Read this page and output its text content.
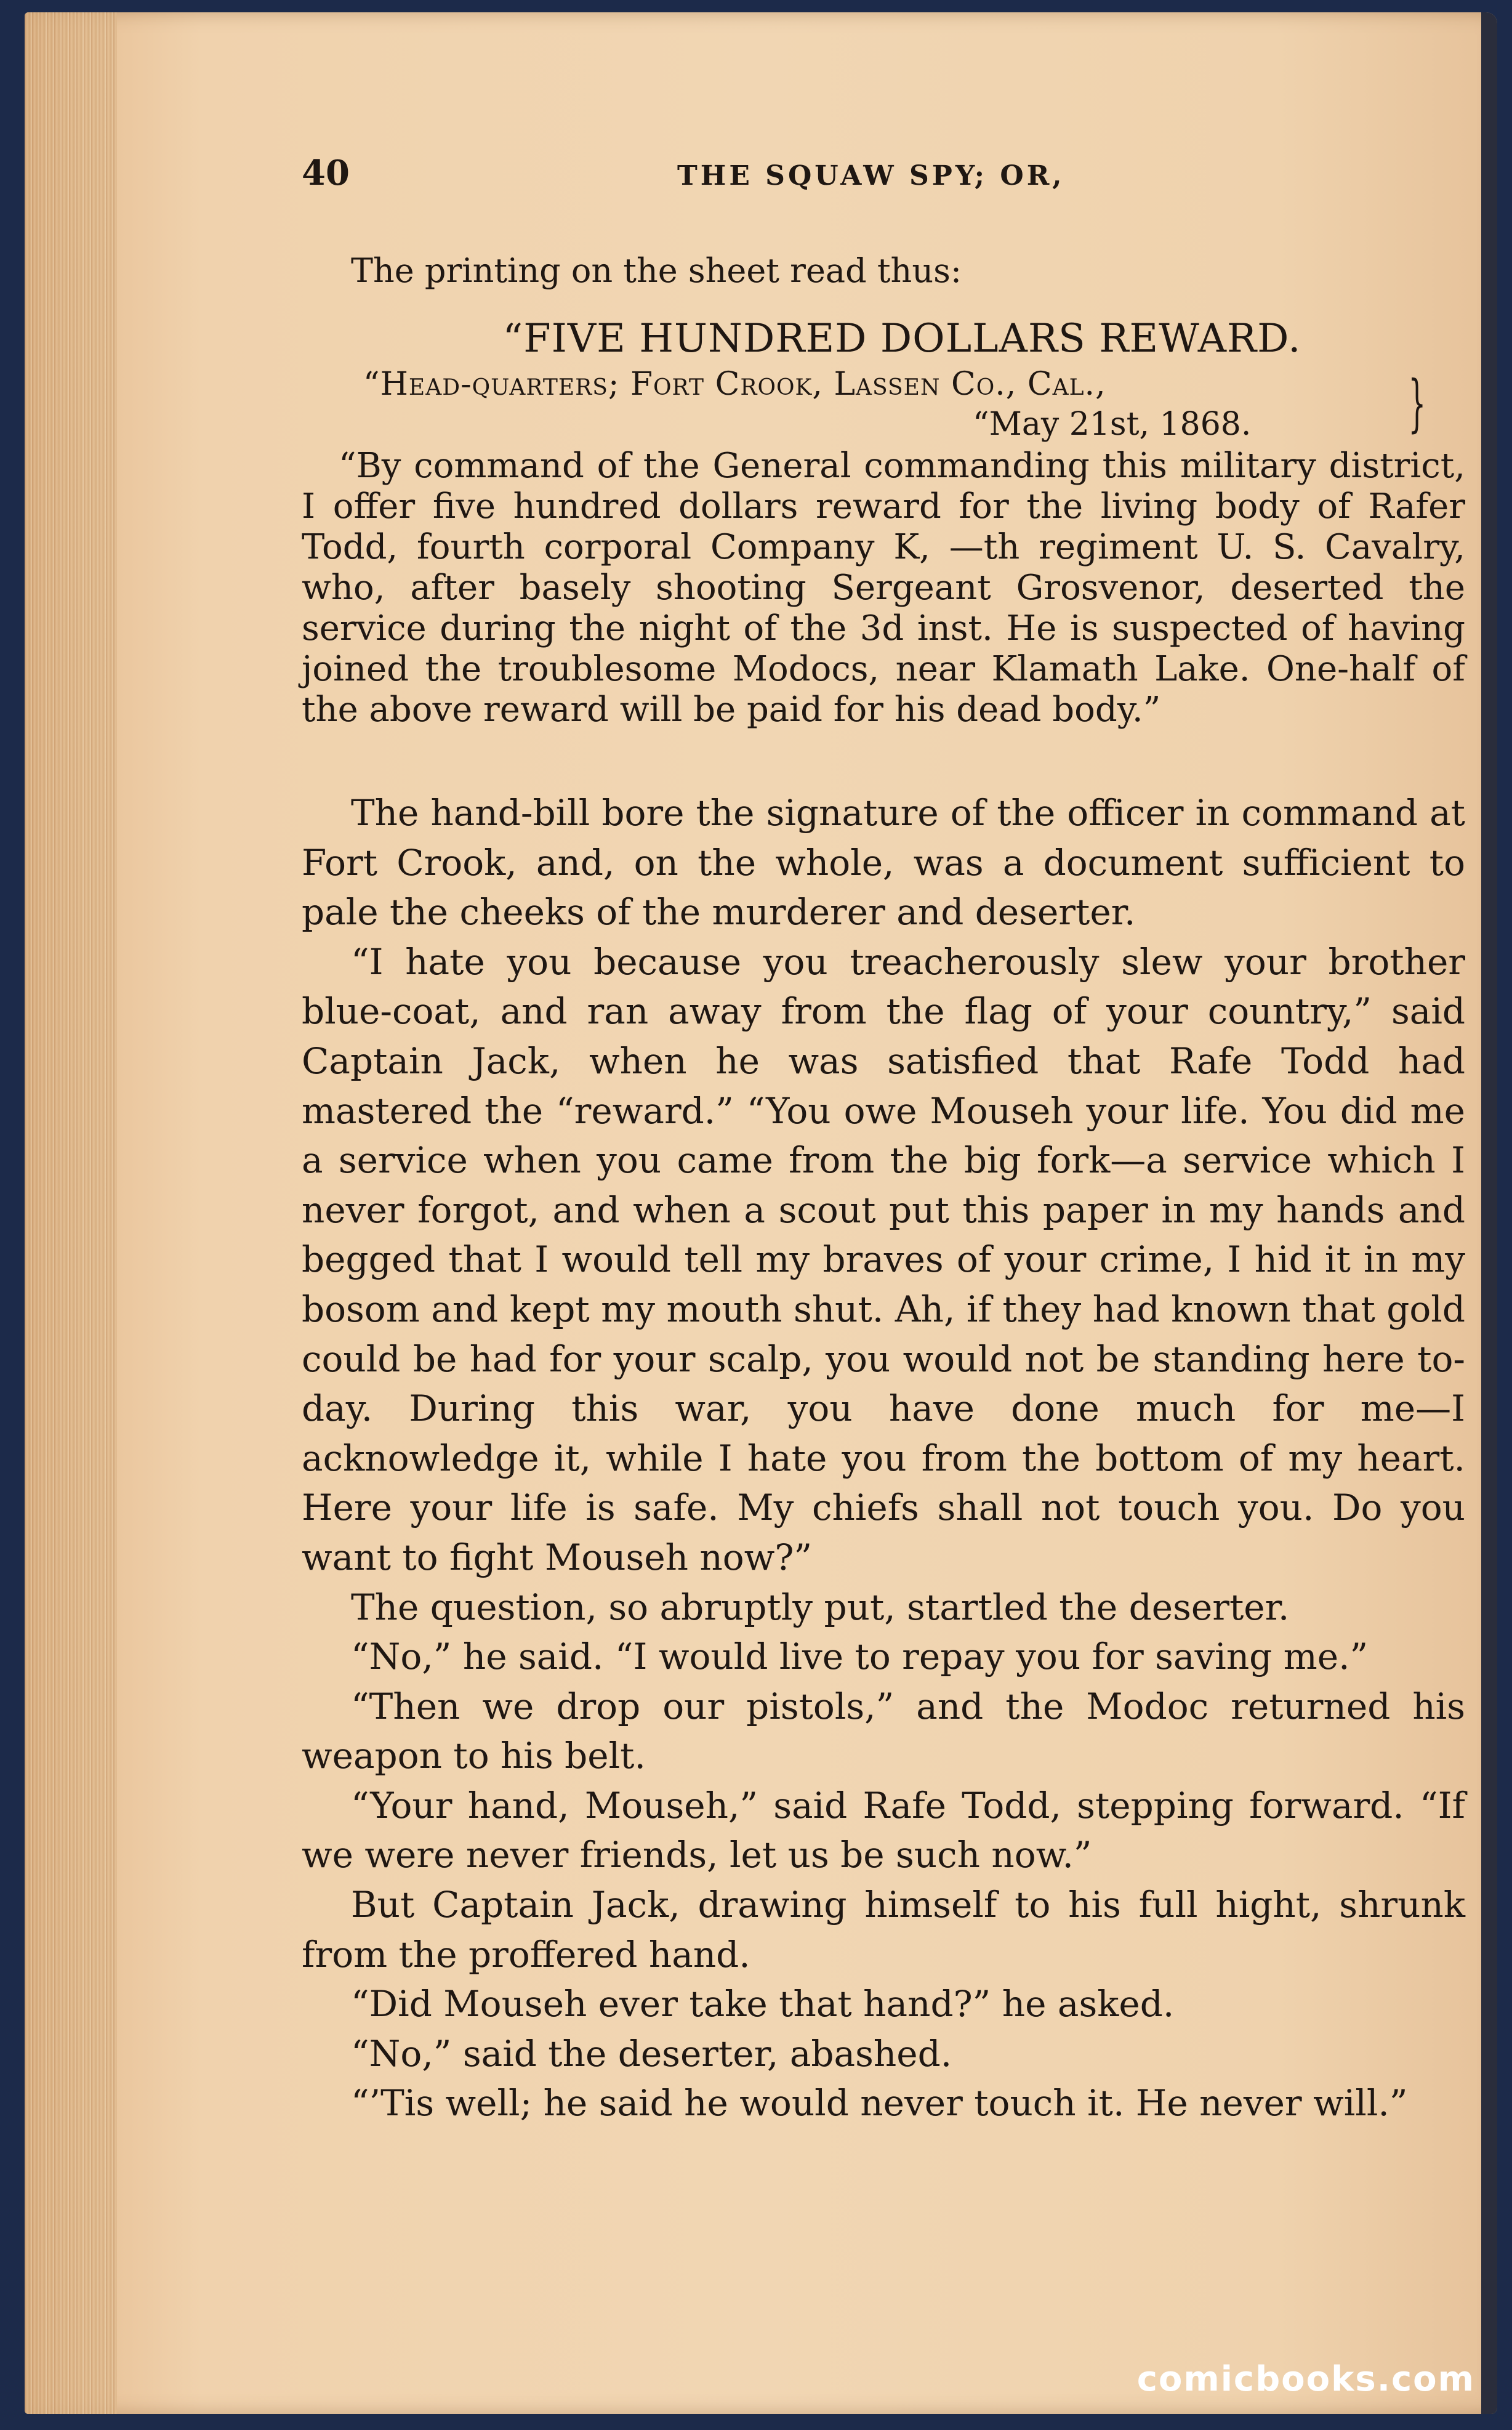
40	THE SQUAW SPY; OR,

The printing on the sheet read thus:

“FIVE HUNDRED DOLLARS REWARD.
“Head-quarters; Fort Crook, Lassen Co., Cal.,
“May 21st, 1868.	}
“By command of the General commanding this military district, I offer five hundred dollars reward for the living body of Rafer Todd, fourth corporal Company K, —th regiment U. S. Cavalry, who, after basely shooting Sergeant Grosvenor, deserted the service during the night of the 3d inst. He is suspected of having joined the troublesome Modocs, near Klamath Lake. One-half of the above reward will be paid for his dead body.”

The hand-bill bore the signature of the officer in command at Fort Crook, and, on the whole, was a document sufficient to pale the cheeks of the murderer and deserter.

“I hate you because you treacherously slew your brother blue-coat, and ran away from the flag of your country,” said Captain Jack, when he was satisfied that Rafe Todd had mastered the “reward.” “You owe Mouseh your life. You did me a service when you came from the big fork—a service which I never forgot, and when a scout put this paper in my hands and begged that I would tell my braves of your crime, I hid it in my bosom and kept my mouth shut. Ah, if they had known that gold could be had for your scalp, you would not be standing here to-day. During this war, you have done much for me—I acknowledge it, while I hate you from the bottom of my heart. Here your life is safe. My chiefs shall not touch you. Do you want to fight Mouseh now?”

The question, so abruptly put, startled the deserter.

“No,” he said. “I would live to repay you for saving me.”

“Then we drop our pistols,” and the Modoc returned his weapon to his belt.

“Your hand, Mouseh,” said Rafe Todd, stepping forward. “If we were never friends, let us be such now.”

But Captain Jack, drawing himself to his full hight, shrunk from the proffered hand.

“Did Mouseh ever take that hand?” he asked.

“No,” said the deserter, abashed.

“’Tis well; he said he would never touch it. He never will.”

comicbooks.com
